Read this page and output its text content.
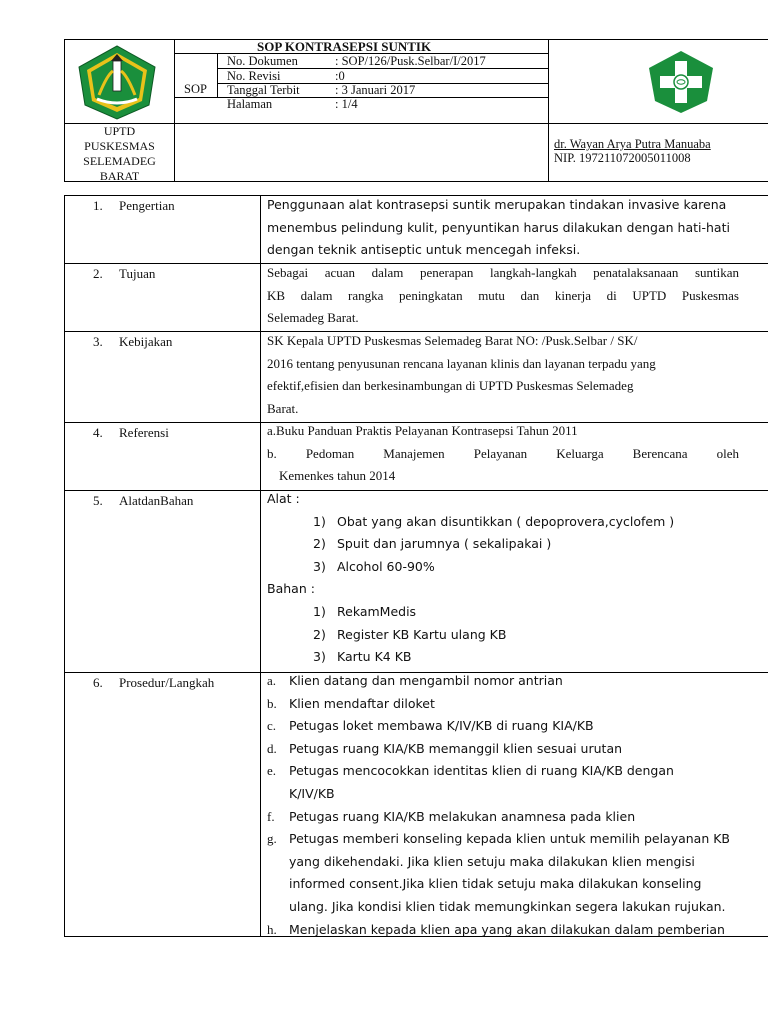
UPTD
PUSKESMAS
SELEMADEG
BARAT
SOP
SOP KONTRASEPSI SUNTIK
No. Dokumen	: SOP/126/Pusk.Selbar/I/2017
No. Revisi	:0
Tanggal Terbit	: 3 Januari 2017
Halaman	: 1/4
dr. Wayan Arya Putra Manuaba
NIP. 197211072005011008
1. Pengertian	Penggunaan alat kontrasepsi suntik merupakan tindakan invasive karena

menembus pelindung kulit, penyuntikan harus dilakukan dengan hati-hati

dengan teknik antiseptic untuk mencegah infeksi.

2. Tujuan	Sebagai acuan dalam penerapan langkah-langkah penatalaksanaan suntikan

KB dalam rangka peningkatan mutu dan kinerja di UPTD Puskesmas

Selemadeg Barat.

3. Kebijakan	SK Kepala UPTD Puskesmas Selemadeg Barat NO: /Pusk.Selbar / SK/

2016 tentang penyusunan rencana layanan klinis dan layanan terpadu yang

efektif,efisien dan berkesinambungan di UPTD Puskesmas Selemadeg

Barat.

4. Referensi	a.Buku Panduan Praktis Pelayanan Kontrasepsi Tahun 2011

b. Pedoman Manajemen Pelayanan Keluarga Berencana oleh

Kemenkes tahun 2014

5. AlatdanBahan	Alat :

1) Obat yang akan disuntikkan ( depoprovera,cyclofem )

2) Spuit dan jarumnya ( sekalipakai )

3) Alcohol 60-90%

Bahan :

1) RekamMedis

2) Register KB Kartu ulang KB

3) Kartu K4 KB

6. Prosedur/Langkah	a. Klien datang dan mengambil nomor antrian
b. Klien mendaftar diloket
c. Petugas loket membawa K/IV/KB di ruang KIA/KB
d. Petugas ruang KIA/KB memanggil klien sesuai urutan
e. Petugas mencocokkan identitas klien di ruang KIA/KB dengan
K/IV/KB
f. Petugas ruang KIA/KB melakukan anamnesa pada klien
g. Petugas memberi konseling kepada klien untuk memilih pelayanan KB
yang dikehendaki. Jika klien setuju maka dilakukan klien mengisi
informed consent.Jika klien tidak setuju maka dilakukan konseling
ulang. Jika kondisi klien tidak memungkinkan segera lakukan rujukan.
h. Menjelaskan kepada klien apa yang akan dilakukan dalam pemberian
